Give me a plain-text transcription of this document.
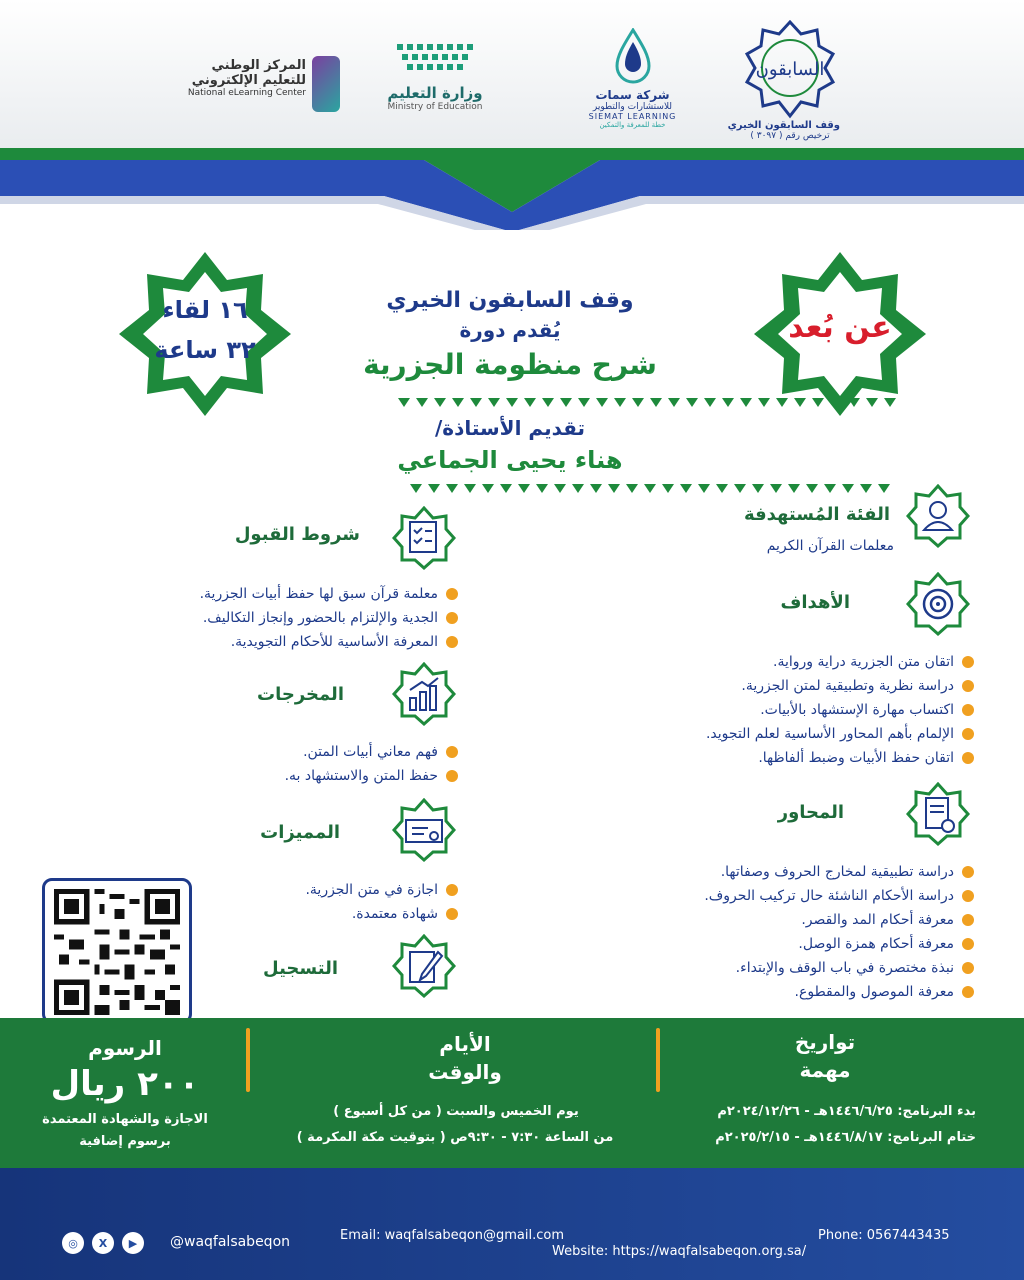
السابقون
وقف السابقون الخيري
ترخيص رقم ( ٣٠٩٧ )
شركة سمات
للاستشارات والتطوير
SIEMAT LEARNING
خطة للمعرفة والتمكين
وزارة التعليم
Ministry of Education
المركز الوطني
للتعليم الإلكتروني
National eLearning Center
عن بُعد
١٦ لقاء
٣٢ ساعة
وقف السابقون الخيري
يُقدم دورة
شرح منظومة الجزرية
تقديم الأستاذة/
هناء يحيى الجماعي
الفئة المُستهدفة
معلمات القرآن الكريم
الأهداف
اتقان متن الجزرية دراية ورواية.
دراسة نظرية وتطبيقية لمتن الجزرية.
اكتساب مهارة الإستشهاد بالأبيات.
الإلمام بأهم المحاور الأساسية لعلم التجويد.
اتقان حفظ الأبيات وضبط ألفاظها.
المحاور
دراسة تطبيقية لمخارج الحروف وصفاتها.
دراسة الأحكام الناشئة حال تركيب الحروف.
معرفة أحكام المد والقصر.
معرفة أحكام همزة الوصل.
نبذة مختصرة في باب الوقف والإبتداء.
معرفة الموصول والمقطوع.
شروط القبول
معلمة قرآن سبق لها حفظ أبيات الجزرية.
الجدية والإلتزام بالحضور وإنجاز التكاليف.
المعرفة الأساسية للأحكام التجويدية.
المخرجات
فهم معاني أبيات المتن.
حفظ المتن والاستشهاد به.
المميزات
اجازة في متن الجزرية.
شهادة معتمدة.
التسجيل
تواريخ
مهمة
بدء البرنامج: ١٤٤٦/٦/٢٥هـ - ٢٠٢٤/١٢/٢٦م
ختام البرنامج: ١٤٤٦/٨/١٧هـ - ٢٠٢٥/٢/١٥م
الأيام
والوقت
يوم الخميس والسبت ( من كل أسبوع )
من الساعة ٧:٣٠ - ٩:٣٠ص ( بتوقيت مكة المكرمة )
الرسوم
٢٠٠ ريال
الاجازة والشهادة المعتمدة
برسوم إضافية
◎	X	▶	@waqfalsabeqon	Email: waqfalsabeqon@gmail.com
Website: https://waqfalsabeqon.org.sa/
Phone: 0567443435
